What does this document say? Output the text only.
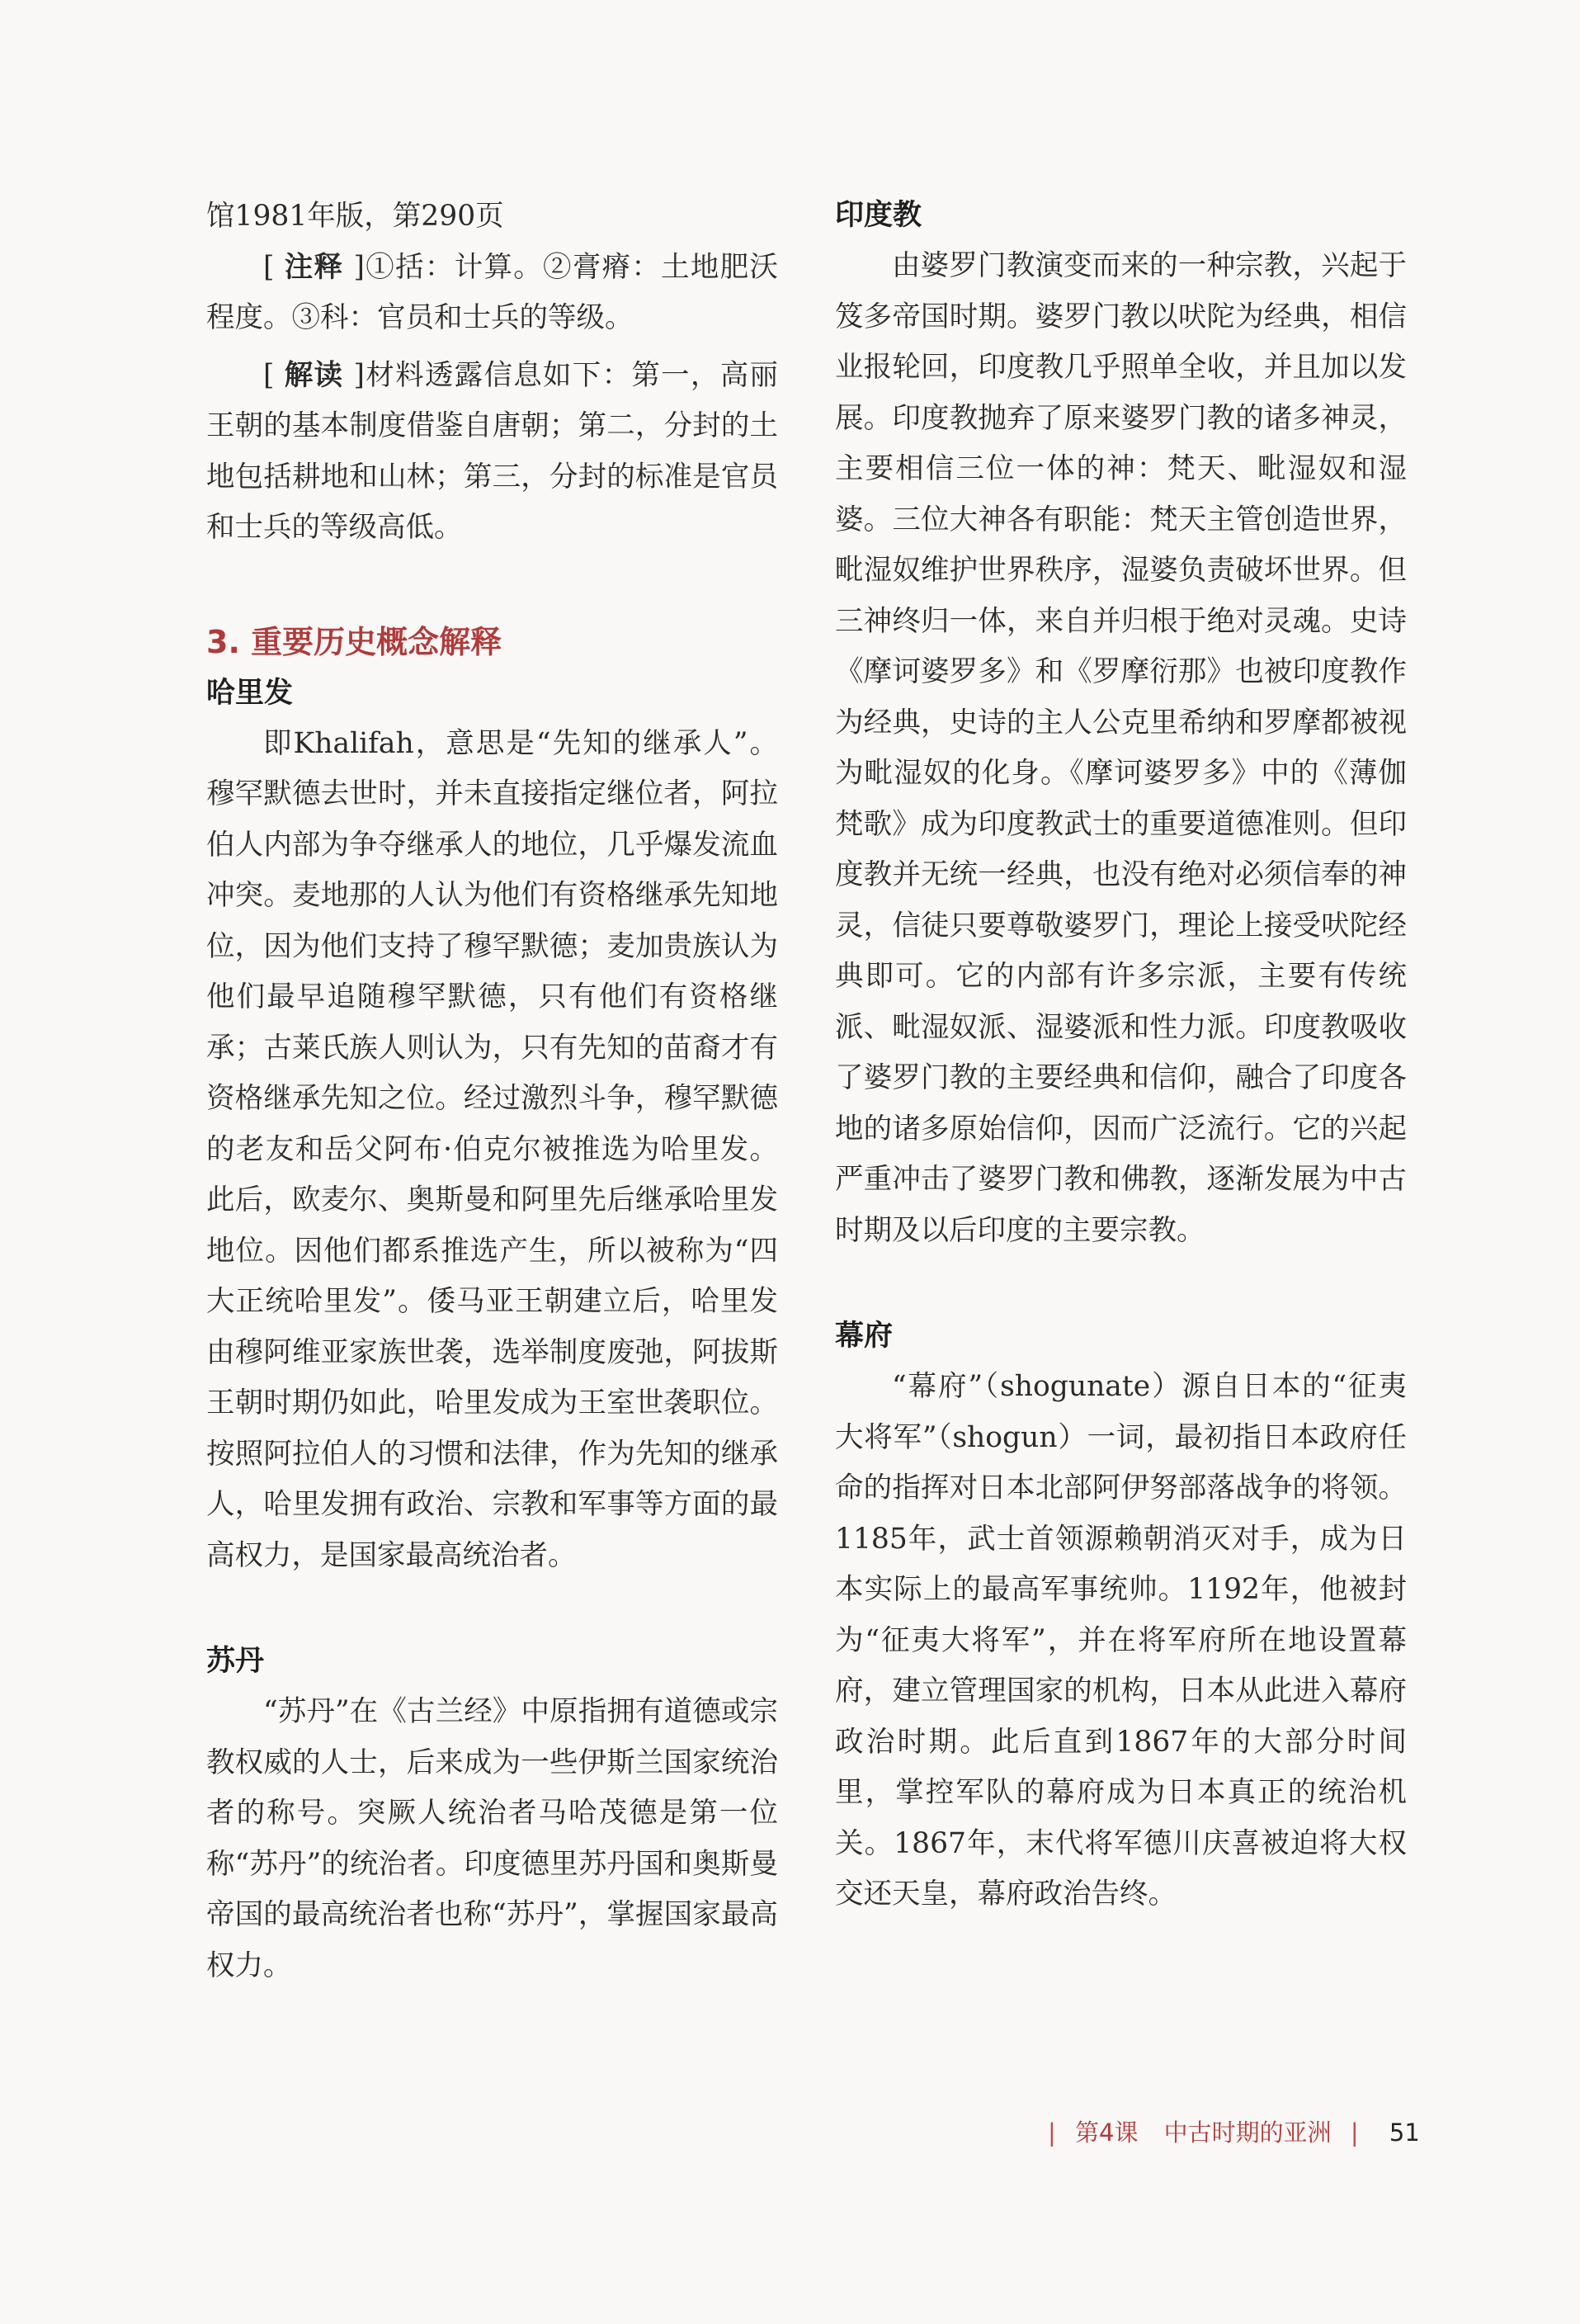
馆1981年版，第290页

[ 注释 ]①括：计算。②膏瘠：土地肥沃程度。③科：官员和士兵的等级。

[ 解读 ]材料透露信息如下：第一，高丽王朝的基本制度借鉴自唐朝；第二，分封的土地包括耕地和山林；第三，分封的标准是官员和士兵的等级高低。

3. 重要历史概念解释
哈里发

即Khalifah，意思是“先知的继承人”。穆罕默德去世时，并未直接指定继位者，阿拉伯人内部为争夺继承人的地位，几乎爆发流血冲突。麦地那的人认为他们有资格继承先知地位，因为他们支持了穆罕默德；麦加贵族认为他们最早追随穆罕默德，只有他们有资格继承；古莱氏族人则认为，只有先知的苗裔才有资格继承先知之位。经过激烈斗争，穆罕默德的老友和岳父阿布·伯克尔被推选为哈里发。此后，欧麦尔、奥斯曼和阿里先后继承哈里发地位。因他们都系推选产生，所以被称为“四大正统哈里发”。倭马亚王朝建立后，哈里发由穆阿维亚家族世袭，选举制度废弛，阿拔斯王朝时期仍如此，哈里发成为王室世袭职位。按照阿拉伯人的习惯和法律，作为先知的继承人，哈里发拥有政治、宗教和军事等方面的最高权力，是国家最高统治者。

苏丹

“苏丹”在《古兰经》中原指拥有道德或宗教权威的人士，后来成为一些伊斯兰国家统治者的称号。突厥人统治者马哈茂德是第一位称“苏丹”的统治者。印度德里苏丹国和奥斯曼帝国的最高统治者也称“苏丹”，掌握国家最高权力。

印度教

由婆罗门教演变而来的一种宗教，兴起于笈多帝国时期。婆罗门教以吠陀为经典，相信业报轮回，印度教几乎照单全收，并且加以发展。印度教抛弃了原来婆罗门教的诸多神灵，主要相信三位一体的神：梵天、毗湿奴和湿婆。三位大神各有职能：梵天主管创造世界，毗湿奴维护世界秩序，湿婆负责破坏世界。但三神终归一体，来自并归根于绝对灵魂。史诗《摩诃婆罗多》和《罗摩衍那》也被印度教作为经典，史诗的主人公克里希纳和罗摩都被视为毗湿奴的化身。《摩诃婆罗多》中的《薄伽梵歌》成为印度教武士的重要道德准则。但印度教并无统一经典，也没有绝对必须信奉的神灵，信徒只要尊敬婆罗门，理论上接受吠陀经典即可。它的内部有许多宗派，主要有传统派、毗湿奴派、湿婆派和性力派。印度教吸收了婆罗门教的主要经典和信仰，融合了印度各地的诸多原始信仰，因而广泛流行。它的兴起严重冲击了婆罗门教和佛教，逐渐发展为中古时期及以后印度的主要宗教。

幕府

“幕府”（shogunate）源自日本的“征夷大将军”（shogun）一词，最初指日本政府任命的指挥对日本北部阿伊努部落战争的将领。1185年，武士首领源赖朝消灭对手，成为日本实际上的最高军事统帅。1192年，他被封为“征夷大将军”，并在将军府所在地设置幕府，建立管理国家的机构，日本从此进入幕府政治时期。此后直到1867年的大部分时间里，掌控军队的幕府成为日本真正的统治机关。1867年，末代将军德川庆喜被迫将大权交还天皇，幕府政治告终。

| 第4课 中古时期的亚洲 | 51
